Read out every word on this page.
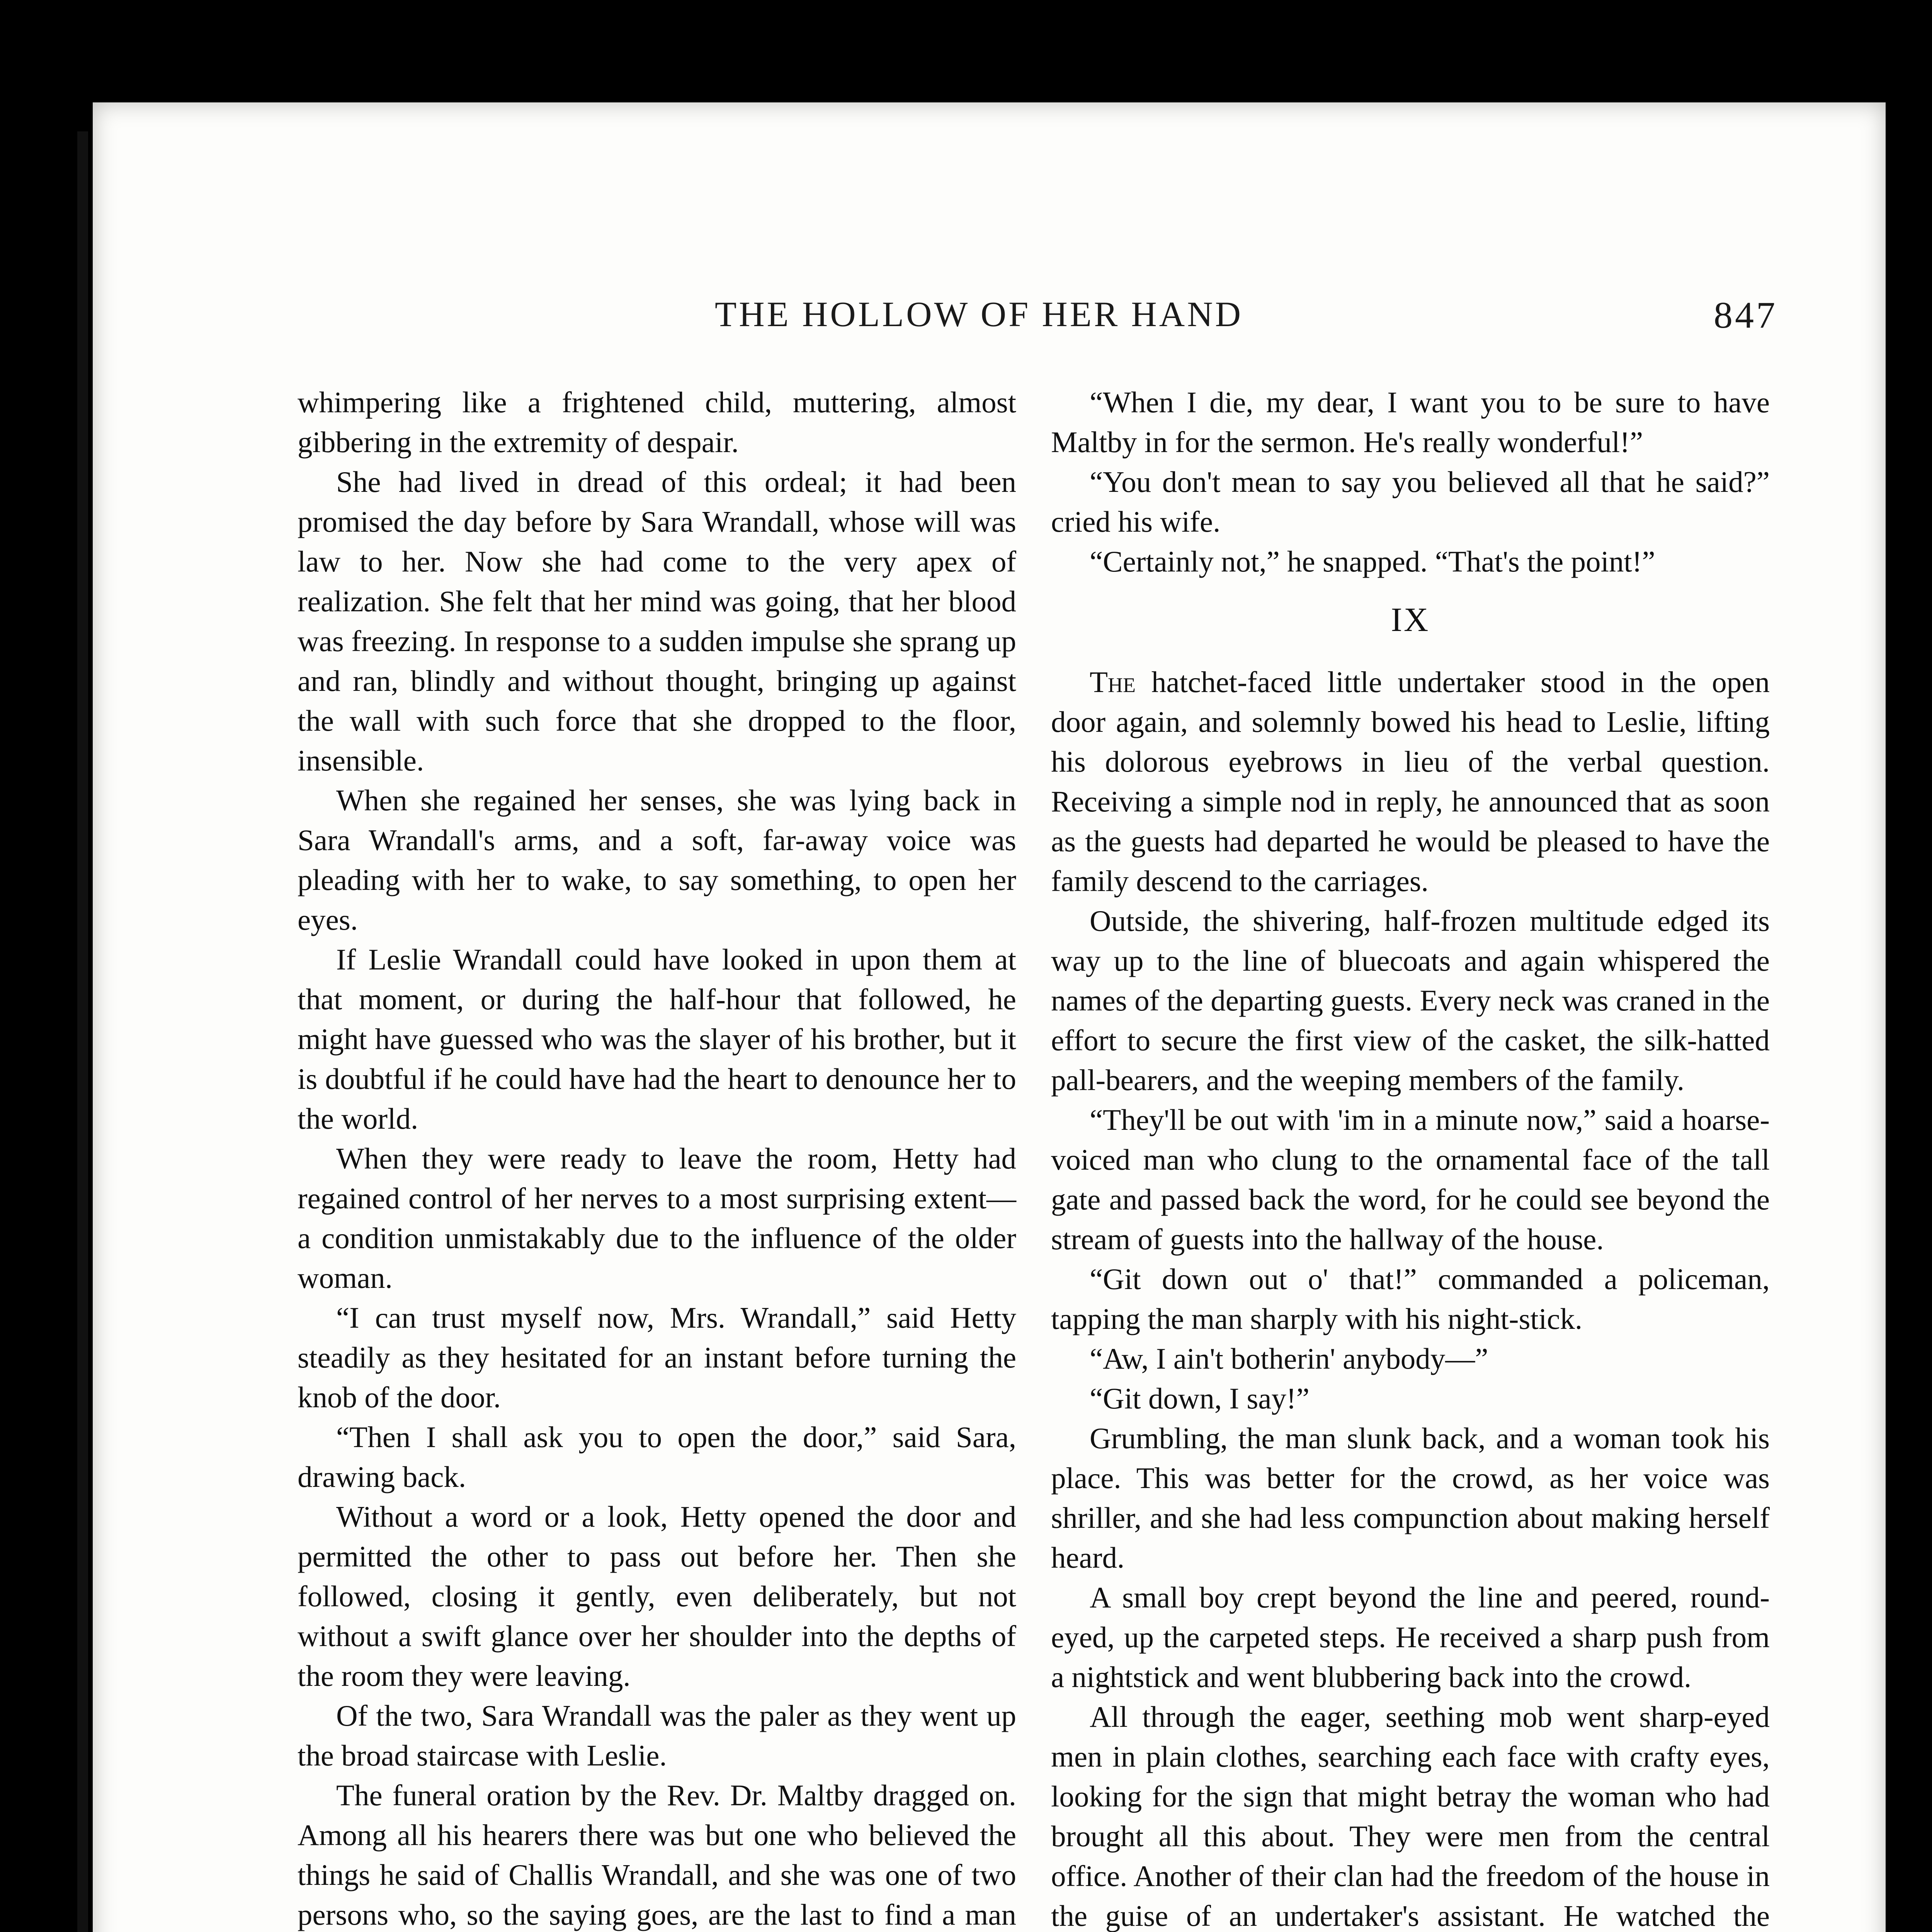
THE HOLLOW OF HER HAND	847

whimpering like a frightened child, muttering, almost gibbering in the extremity of despair.

She had lived in dread of this ordeal; it had been promised the day before by Sara Wrandall, whose will was law to her. Now she had come to the very apex of realization. She felt that her mind was going, that her blood was freezing. In response to a sudden impulse she sprang up and ran, blindly and without thought, bringing up against the wall with such force that she dropped to the floor, insensible.

When she regained her senses, she was lying back in Sara Wrandall's arms, and a soft, far-away voice was pleading with her to wake, to say something, to open her eyes.

If Leslie Wrandall could have looked in upon them at that moment, or during the half-hour that followed, he might have guessed who was the slayer of his brother, but it is doubtful if he could have had the heart to denounce her to the world.

When they were ready to leave the room, Hetty had regained control of her nerves to a most surprising extent—a condition unmistakably due to the influence of the older woman.

“I can trust myself now, Mrs. Wrandall,” said Hetty steadily as they hesitated for an instant before turning the knob of the door.

“Then I shall ask you to open the door,” said Sara, drawing back.

Without a word or a look, Hetty opened the door and permitted the other to pass out before her. Then she followed, closing it gently, even deliberately, but not without a swift glance over her shoulder into the depths of the room they were leaving.

Of the two, Sara Wrandall was the paler as they went up the broad staircase with Leslie.

The funeral oration by the Rev. Dr. Maltby dragged on. Among all his hearers there was but one who believed the things he said of Challis Wrandall, and she was one of two persons who, so the saying goes, are the last to find a man

“When I die, my dear, I want you to be sure to have Maltby in for the sermon. He's really wonderful!”

“You don't mean to say you believed all that he said?” cried his wife.

“Certainly not,” he snapped. “That's the point!”

IX

The hatchet-faced little undertaker stood in the open door again, and solemnly bowed his head to Leslie, lifting his dolorous eyebrows in lieu of the verbal question. Receiving a simple nod in reply, he announced that as soon as the guests had departed he would be pleased to have the family descend to the carriages.

Outside, the shivering, half-frozen multitude edged its way up to the line of bluecoats and again whispered the names of the departing guests. Every neck was craned in the effort to secure the first view of the casket, the silk-hatted pall-bearers, and the weeping members of the family.

“They'll be out with 'im in a minute now,” said a hoarse-voiced man who clung to the ornamental face of the tall gate and passed back the word, for he could see beyond the stream of guests into the hallway of the house.

“Git down out o' that!” commanded a policeman, tapping the man sharply with his night-stick.

“Aw, I ain't botherin' anybody—”

“Git down, I say!”

Grumbling, the man slunk back, and a woman took his place. This was better for the crowd, as her voice was shriller, and she had less compunction about making herself heard.

A small boy crept beyond the line and peered, round-eyed, up the carpeted steps. He received a sharp push from a nightstick and went blubbering back into the crowd.

All through the eager, seething mob went sharp-eyed men in plain clothes, searching each face with crafty eyes, looking for the sign that might betray the woman who had brought all this about. They were men from the central office. Another of their clan had the freedom of the house in the guise of an undertaker's assistant. He watched the
